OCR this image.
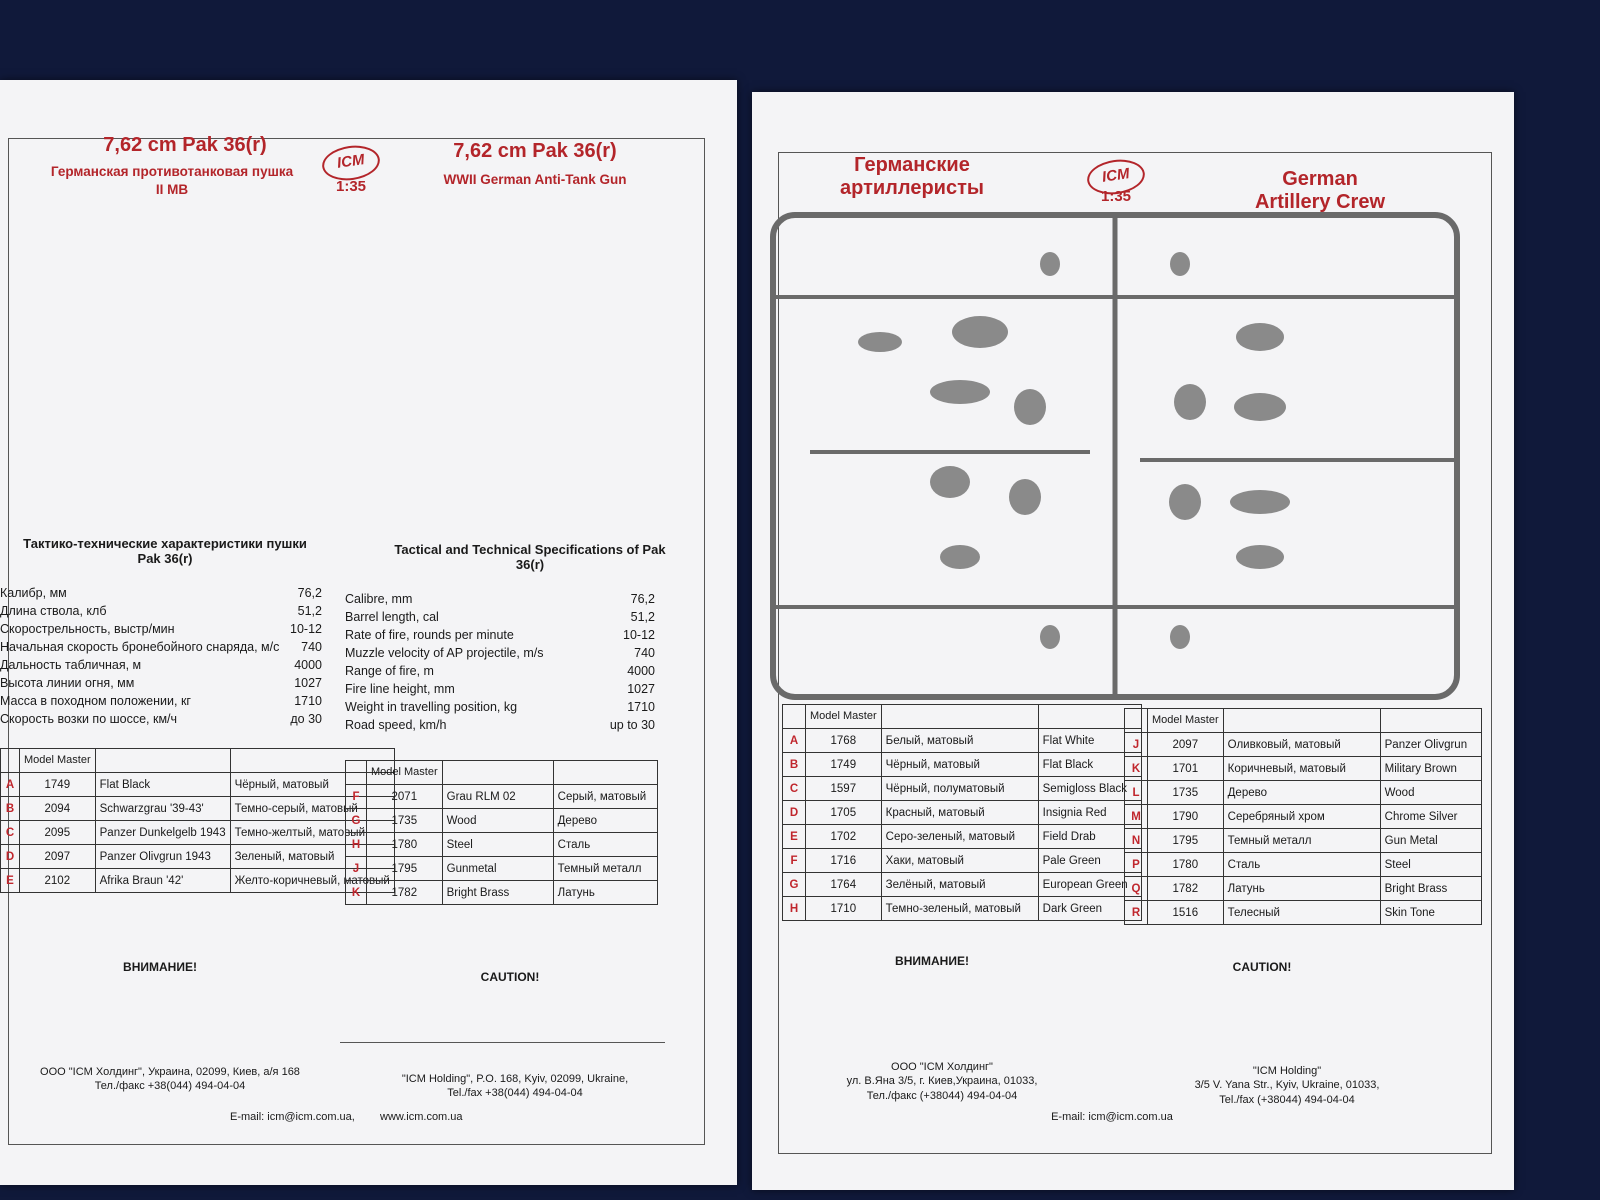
7,62 cm Pak 36(r)
Германская противотанковая пушка
II МВ
ICM
1:35
7,62 cm Pak 36(r)
WWII German Anti-Tank Gun
Тактико-технические характеристики пушки Pak 36(r)
Tactical and Technical Specifications of Pak 36(r)
Калибр, мм	76,2
Длина ствола, клб	51,2
Скорострельность, выстр/мин	10-12
Начальная скорость бронебойного снаряда, м/с 740
Дальность табличная, м	4000
Высота линии огня, мм	1027
Масса в походном положении, кг	1710
Скорость возки по шоссе, км/ч	до 30
Calibre, mm	76,2
Barrel length, cal	51,2
Rate of fire, rounds per minute	10-12
Muzzle velocity of AP projectile, m/s	740
Range of fire, m	4000
Fire line height, mm	1027
Weight in travelling position, kg	1710
Road speed, km/h	up to 30
	Model Master		
A	1749	Flat Black	Чёрный, матовый
B	2094	Schwarzgrau '39-43'	Темно-серый, матовый
C	2095	Panzer Dunkelgelb 1943	Темно-желтый, матовый
D	2097	Panzer Olivgrun 1943	Зеленый, матовый
E	2102	Afrika Braun '42'	Желто-коричневый, матовый
	Model Master		
F	2071	Grau RLM 02	Серый, матовый
G	1735	Wood	Дерево
H	1780	Steel	Сталь
J	1795	Gunmetal	Темный металл
K	1782	Bright Brass	Латунь
ВНИМАНИЕ!
CAUTION!
ООО "ICM Холдинг", Украина, 02099, Киев, а/я 168
Тел./факс +38(044) 494-04-04
"ICM Holding", P.O. 168, Kyiv, 02099, Ukraine,
Tel./fax +38(044) 494-04-04
E-mail: icm@icm.com.ua, www.icm.com.ua
Германские
артиллеристы
ICM
1:35
German
Artillery Crew
	Model Master		
A	1768	Белый, матовый	Flat White
B	1749	Чёрный, матовый	Flat Black
C	1597	Чёрный, полуматовый	Semigloss Black
D	1705	Красный, матовый	Insignia Red
E	1702	Серо-зеленый, матовый	Field Drab
F	1716	Хаки, матовый	Pale Green
G	1764	Зелёный, матовый	European Green
H	1710	Темно-зеленый, матовый	Dark Green
	Model Master		
J	2097	Оливковый, матовый	Panzer Olivgrun
K	1701	Коричневый, матовый	Military Brown
L	1735	Дерево	Wood
M	1790	Серебряный хром	Chrome Silver
N	1795	Темный металл	Gun Metal
P	1780	Сталь	Steel
Q	1782	Латунь	Bright Brass
R	1516	Телесный	Skin Tone
ВНИМАНИЕ!	CAUTION!
ООО "ICM Холдинг"
ул. В.Яна 3/5, г. Киев,Украина, 01033,
Тел./факс (+38044) 494-04-04
"ICM Holding"
3/5 V. Yana Str., Kyiv, Ukraine, 01033,
Tel./fax (+38044) 494-04-04
E-mail: icm@icm.com.ua
